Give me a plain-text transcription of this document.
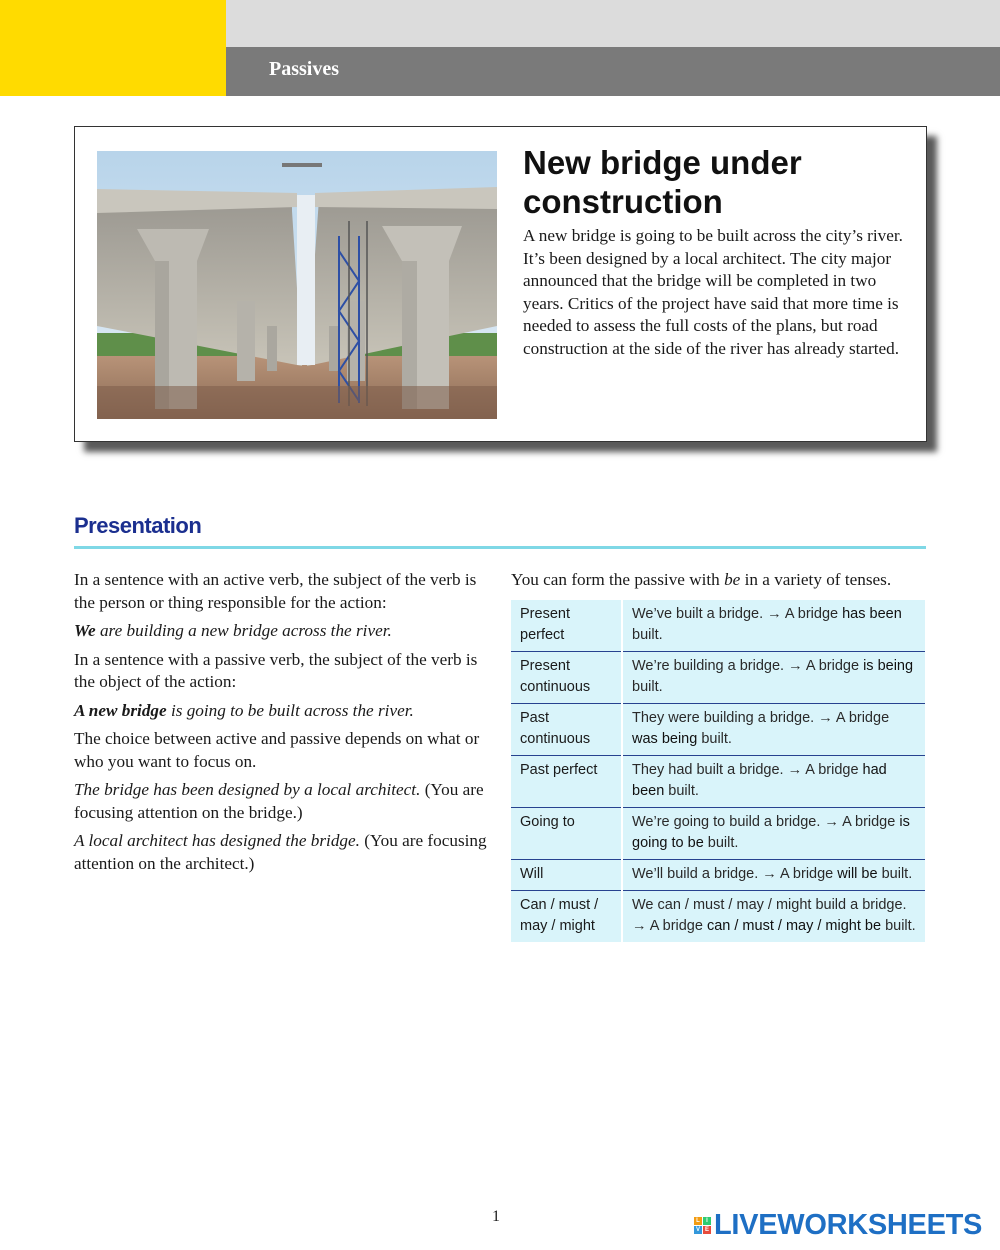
Passives
New bridge under construction
A new bridge is going to be built across the city’s river. It’s been designed by a local architect. The city major announced that the bridge will be completed in two years. Critics of the project have said that more time is needed to assess the full costs of the plans, but road construction at the side of the river has already started.
Presentation

In a sentence with an active verb, the subject of the verb is the person or thing responsible for the action:

We are building a new bridge across the river.

In a sentence with a passive verb, the subject of the verb is the object of the action:

A new bridge is going to be built across the river.

The choice between active and passive depends on what or who you want to focus on.

The bridge has been designed by a local architect. (You are focusing attention on the bridge.)

A local architect has designed the bridge. (You are focusing attention on the architect.)

You can form the passive with be in a variety of tenses.
Present perfect	We’ve built a bridge. → A bridge has been built.
Present continuous	We’re building a bridge. → A bridge is being built.
Past continuous	They were building a bridge. → A bridge was being built.
Past perfect	They had built a bridge. → A bridge had been built.
Going to	We’re going to build a bridge. → A bridge is going to be built.
Will	We’ll build a bridge. → A bridge will be built.
Can / must / may / might	We can / must / may / might build a bridge. → A bridge can / must / may / might be built.
1	L	I
V E LIVEWORKSHEETS
